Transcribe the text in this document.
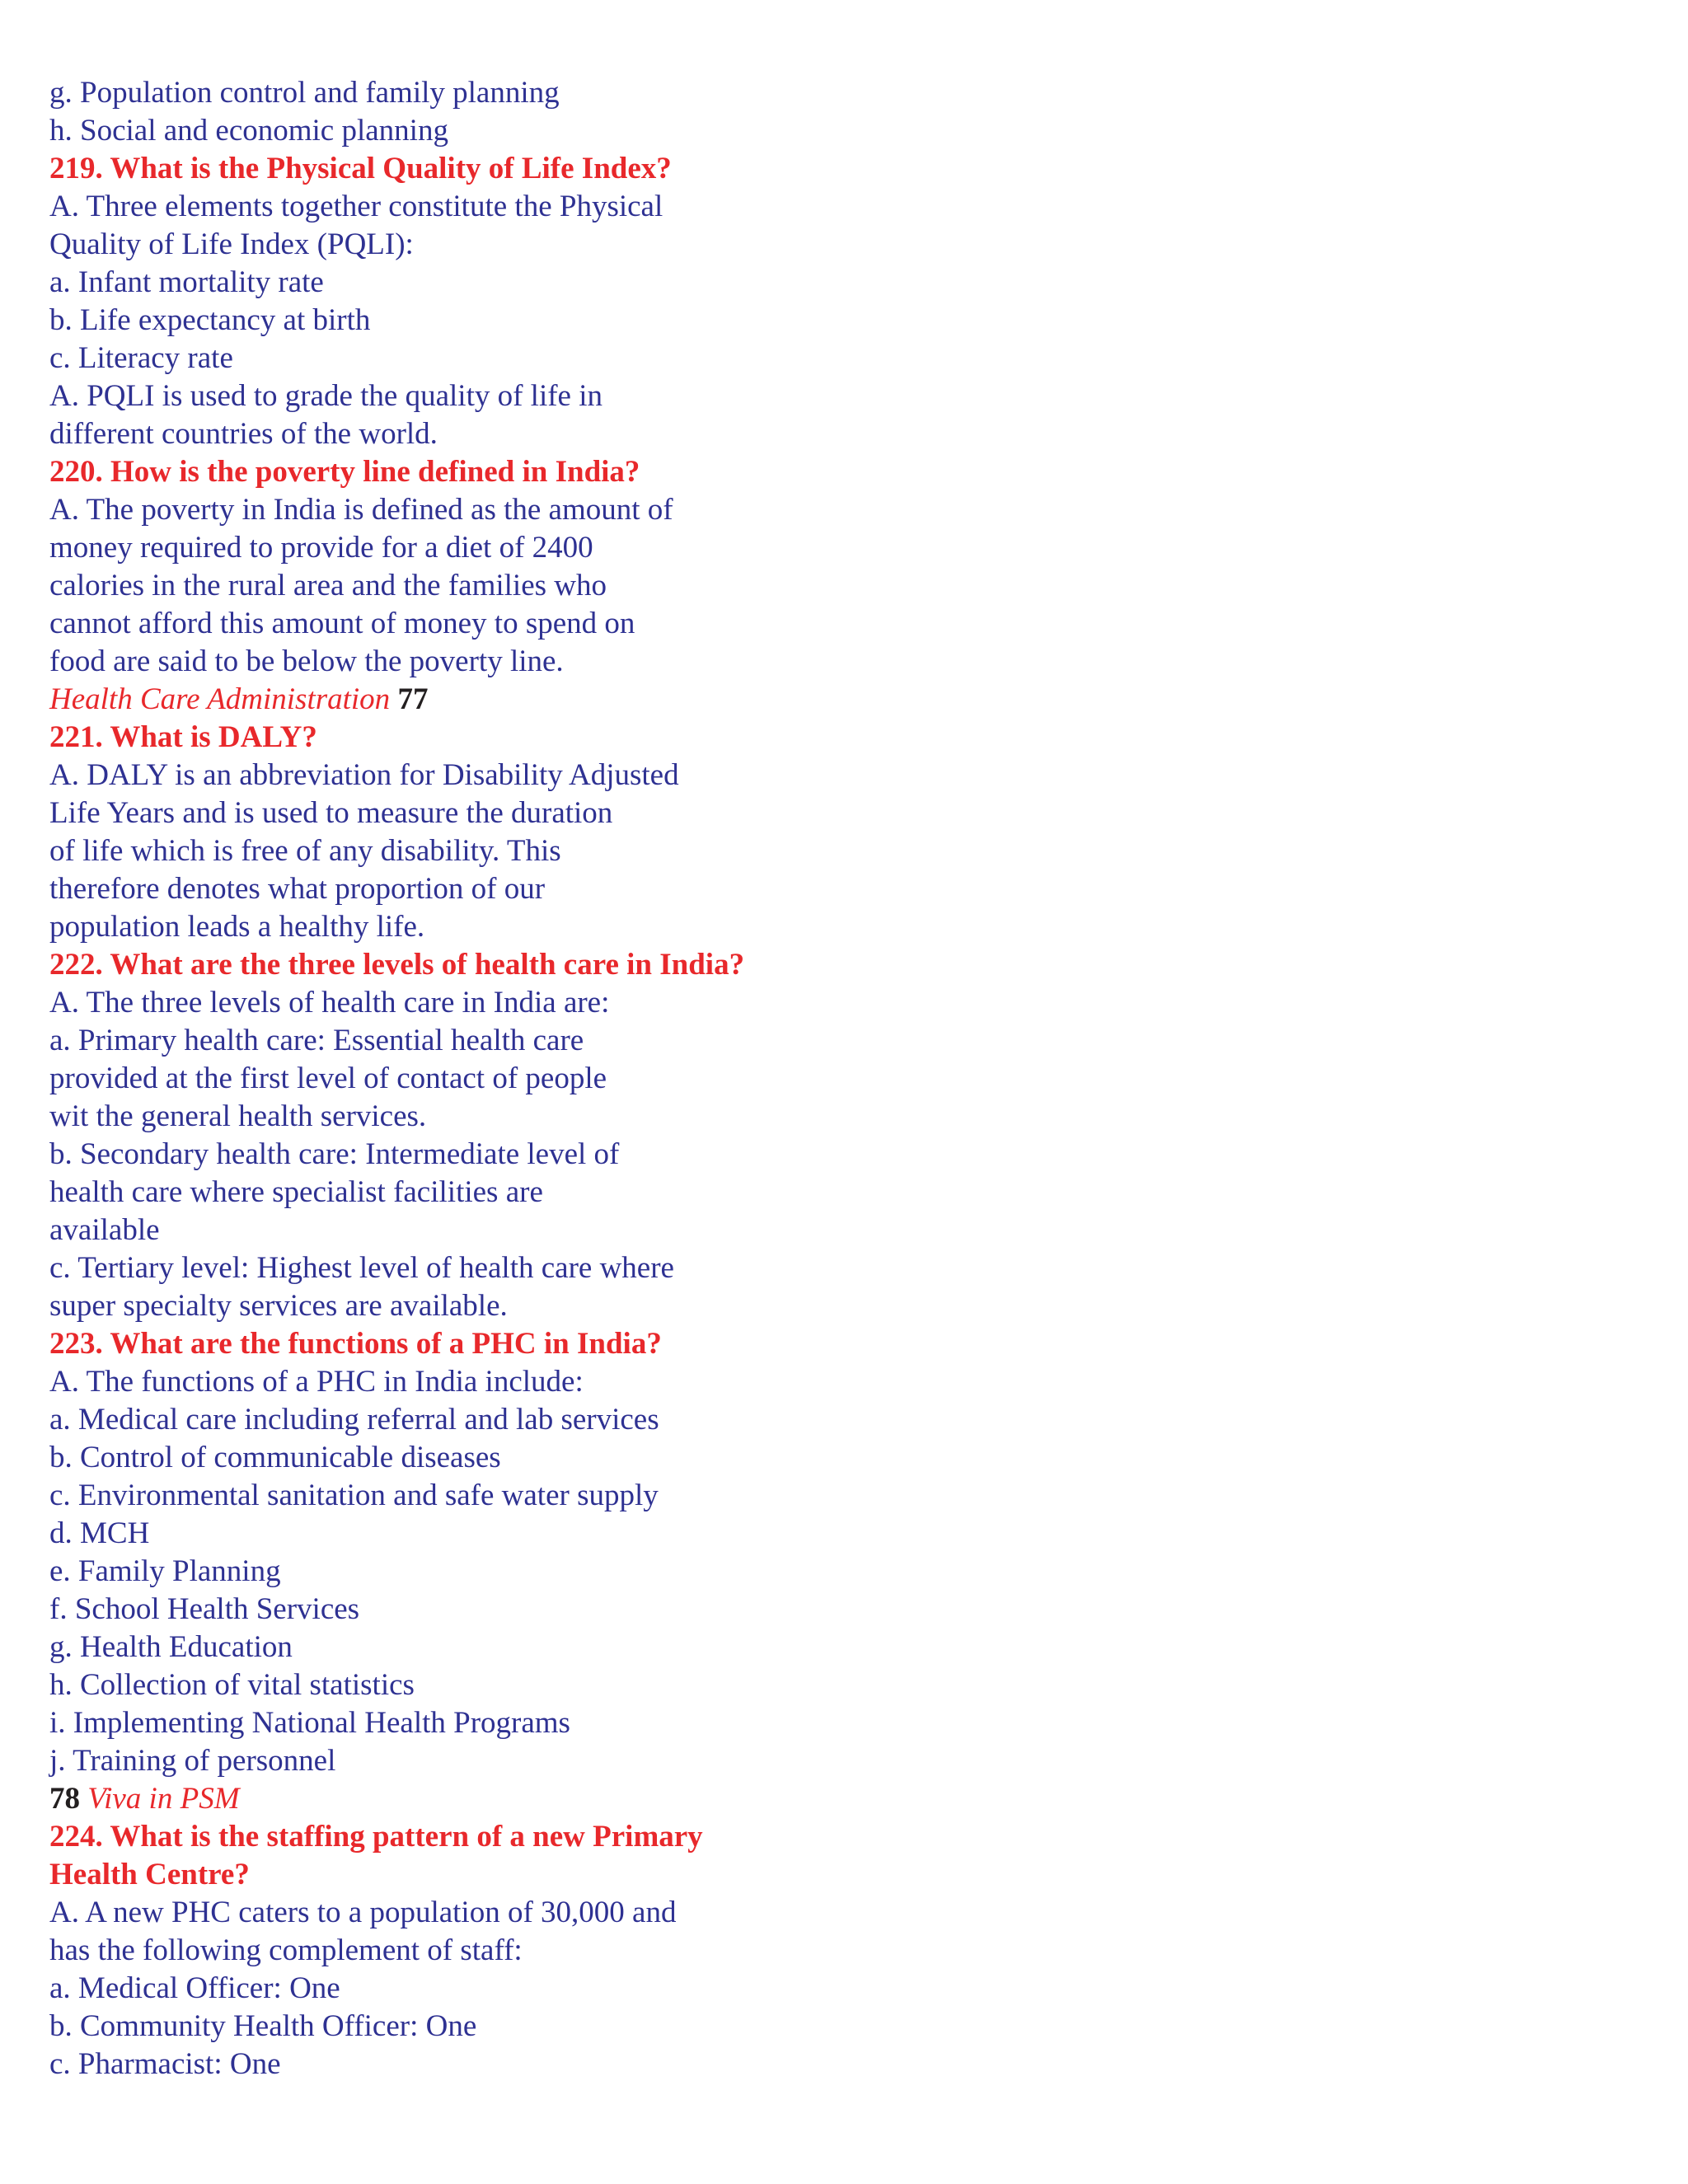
g. Population control and family planning
h. Social and economic planning
219. What is the Physical Quality of Life Index?
A. Three elements together constitute the Physical
Quality of Life Index (PQLI):
a. Infant mortality rate
b. Life expectancy at birth
c. Literacy rate
A. PQLI is used to grade the quality of life in
different countries of the world.
220. How is the poverty line defined in India?
A. The poverty in India is defined as the amount of
money required to provide for a diet of 2400
calories in the rural area and the families who
cannot afford this amount of money to spend on
food are said to be below the poverty line.
Health Care Administration 77
221. What is DALY?
A. DALY is an abbreviation for Disability Adjusted
Life Years and is used to measure the duration
of life which is free of any disability. This
therefore denotes what proportion of our
population leads a healthy life.
222. What are the three levels of health care in India?
A. The three levels of health care in India are:
a. Primary health care: Essential health care
provided at the first level of contact of people
wit the general health services.
b. Secondary health care: Intermediate level of
health care where specialist facilities are
available
c. Tertiary level: Highest level of health care where
super specialty services are available.
223. What are the functions of a PHC in India?
A. The functions of a PHC in India include:
a. Medical care including referral and lab services
b. Control of communicable diseases
c. Environmental sanitation and safe water supply
d. MCH
e. Family Planning
f. School Health Services
g. Health Education
h. Collection of vital statistics
i. Implementing National Health Programs
j. Training of personnel
78 Viva in PSM
224. What is the staffing pattern of a new Primary
Health Centre?
A. A new PHC caters to a population of 30,000 and
has the following complement of staff:
a. Medical Officer: One
b. Community Health Officer: One
c. Pharmacist: One
